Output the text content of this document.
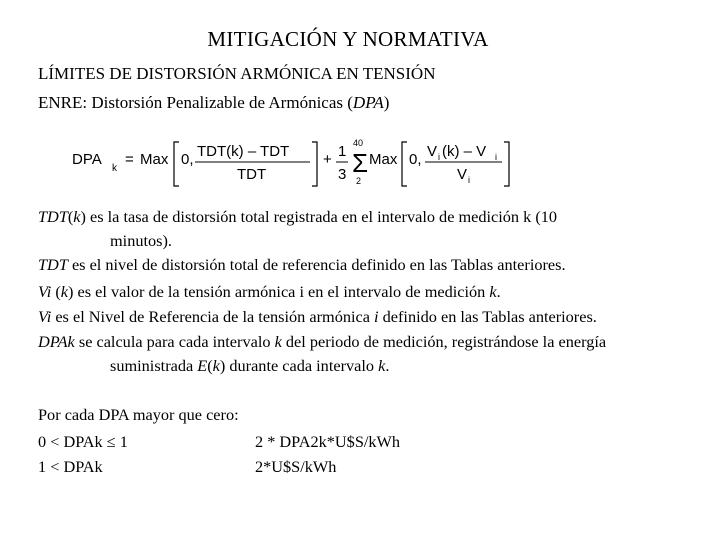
MITIGACIÓN Y NORMATIVA
LÍMITES DE DISTORSIÓN ARMÓNICA EN TENSIÓN
ENRE: Distorsión Penalizable de Armónicas (DPA)
DPA
k
= Max 0, TDT(k) – TDT
TDT
+ 1
3
40
Σ
2
Max 0, V i (k) – V i
V i
TDT(k) es la tasa de distorsión total registrada en el intervalo de medición k (10
minutos).
TDT es el nivel de distorsión total de referencia definido en las Tablas anteriores.
Vi (k) es el valor de la tensión armónica i en el intervalo de medición k.
Vi es el Nivel de Referencia de la tensión armónica i definido en las Tablas anteriores.
DPAk se calcula para cada intervalo k del periodo de medición, registrándose la energía
suministrada E(k) durante cada intervalo k.
Por cada DPA mayor que cero:
0 < DPAk ≤ 1	2 * DPA2k*U$S/kWh
1 < DPAk	2*U$S/kWh
